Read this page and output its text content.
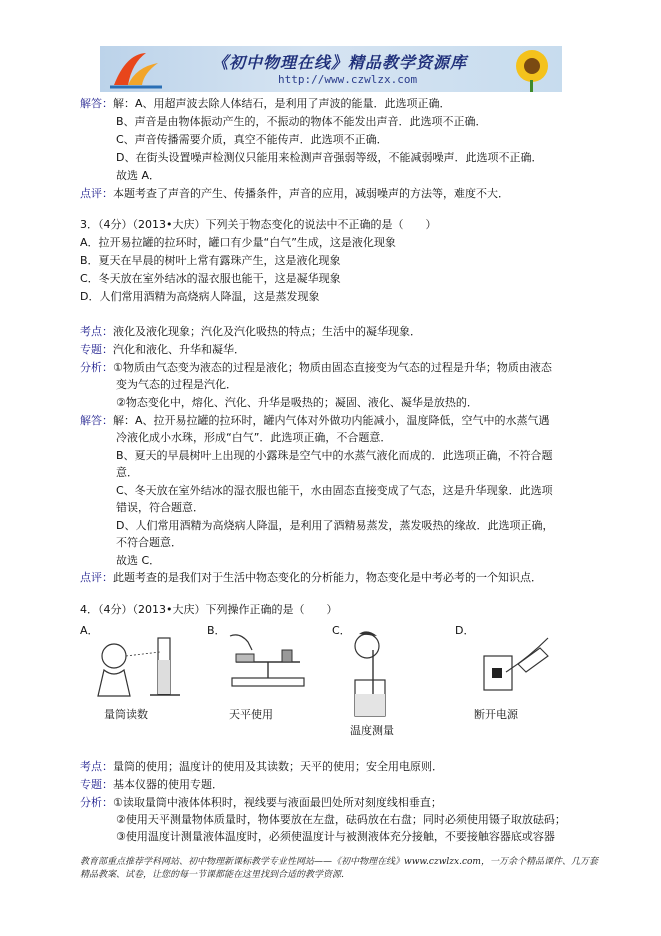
《初中物理在线》精品教学资源库
http://www.czwlzx.com
解答：解：A、用超声波去除人体结石，是利用了声波的能量．此选项正确．
B、声音是由物体振动产生的，不振动的物体不能发出声音．此选项不正确．
C、声音传播需要介质，真空不能传声．此选项不正确．
D、在街头设置噪声检测仪只能用来检测声音强弱等级，不能减弱噪声．此选项不正确．
故选 A．
点评：本题考查了声音的产生、传播条件，声音的应用，减弱噪声的方法等，难度不大．
3．（4分）（2013•大庆）下列关于物态变化的说法中不正确的是（　　）
A．拉开易拉罐的拉环时，罐口有少量“白气”生成，这是液化现象
B．夏天在早晨的树叶上常有露珠产生，这是液化现象
C．冬天放在室外结冰的湿衣服也能干，这是凝华现象
D．人们常用酒精为高烧病人降温，这是蒸发现象
考点：液化及液化现象；汽化及汽化吸热的特点；生活中的凝华现象．
专题：汽化和液化、升华和凝华．
分析：①物质由气态变为液态的过程是液化；物质由固态直接变为气态的过程是升华；物质由液态
变为气态的过程是汽化．
②物态变化中，熔化、汽化、升华是吸热的；凝固、液化、凝华是放热的．
解答：解：A、拉开易拉罐的拉环时，罐内气体对外做功内能减小，温度降低，空气中的水蒸气遇
冷液化成小水珠，形成“白气”．此选项正确，不合题意．
B、夏天的早晨树叶上出现的小露珠是空气中的水蒸气液化而成的．此选项正确，不符合题
意．
C、冬天放在室外结冰的湿衣服也能干，水由固态直接变成了气态，这是升华现象．此选项
错误，符合题意．
D、人们常用酒精为高烧病人降温，是利用了酒精易蒸发，蒸发吸热的缘故．此选项正确，
不符合题意．
故选 C．
点评：此题考查的是我们对于生活中物态变化的分析能力，物态变化是中考必考的一个知识点．
4．（4分）（2013•大庆）下列操作正确的是（　　）
考点：量筒的使用；温度计的使用及其读数；天平的使用；安全用电原则．
专题：基本仪器的使用专题．
分析：①读取量筒中液体体积时，视线要与液面最凹处所对刻度线相垂直；
②使用天平测量物体质量时，物体要放在左盘，砝码放在右盘；同时必须使用镊子取放砝码；
③使用温度计测量液体温度时，必须使温度计与被测液体充分接触，不要接触容器底或容器
A．	B．	C．	D．
量筒读数	天平使用
温度测量
断开电源
教育部重点推荐学科网站、初中物理新课标教学专业性网站——《初中物理在线》www.czwlzx.com，一万余个精品课件、几万套精品教案、试卷，让您的每一节课都能在这里找到合适的教学资源．
